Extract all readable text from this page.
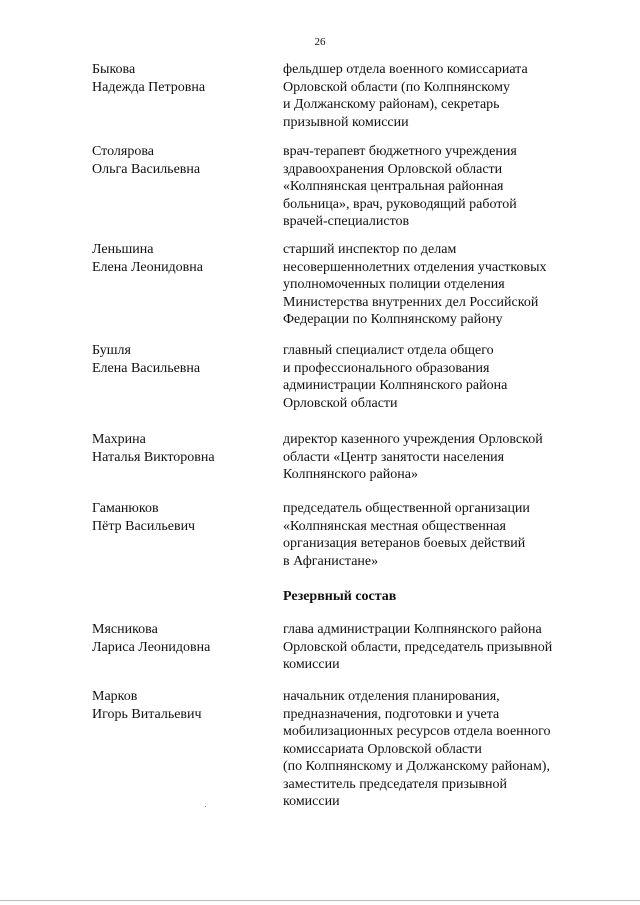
26
Быкова
Надежда Петровна
фельдшер отдела военного комиссариата
Орловской области (по Колпнянскому
и Должанскому районам), секретарь
призывной комиссии
Столярова
Ольга Васильевна
врач-терапевт бюджетного учреждения
здравоохранения Орловской области
«Колпнянская центральная районная
больница», врач, руководящий работой
врачей-специалистов
Леньшина
Елена Леонидовна
старший инспектор по делам
несовершеннолетних отделения участковых
уполномоченных полиции отделения
Министерства внутренних дел Российской
Федерации по Колпнянскому району
Бушля
Елена Васильевна
главный специалист отдела общего
и профессионального образования
администрации Колпнянского района
Орловской области
Махрина
Наталья Викторовна
директор казенного учреждения Орловской
области «Центр занятости населения
Колпнянского района»
Гаманюков
Пётр Васильевич
председатель общественной организации
«Колпнянская местная общественная
организация ветеранов боевых действий
в Афганистане»
Резервный состав
Мясникова
Лариса Леонидовна
глава администрации Колпнянского района
Орловской области, председатель призывной
комиссии
Марков
Игорь Витальевич
начальник отделения планирования,
предназначения, подготовки и учета
мобилизационных ресурсов отдела военного
комиссариата Орловской области
(по Колпнянскому и Должанскому районам),
заместитель председателя призывной
комиссии
